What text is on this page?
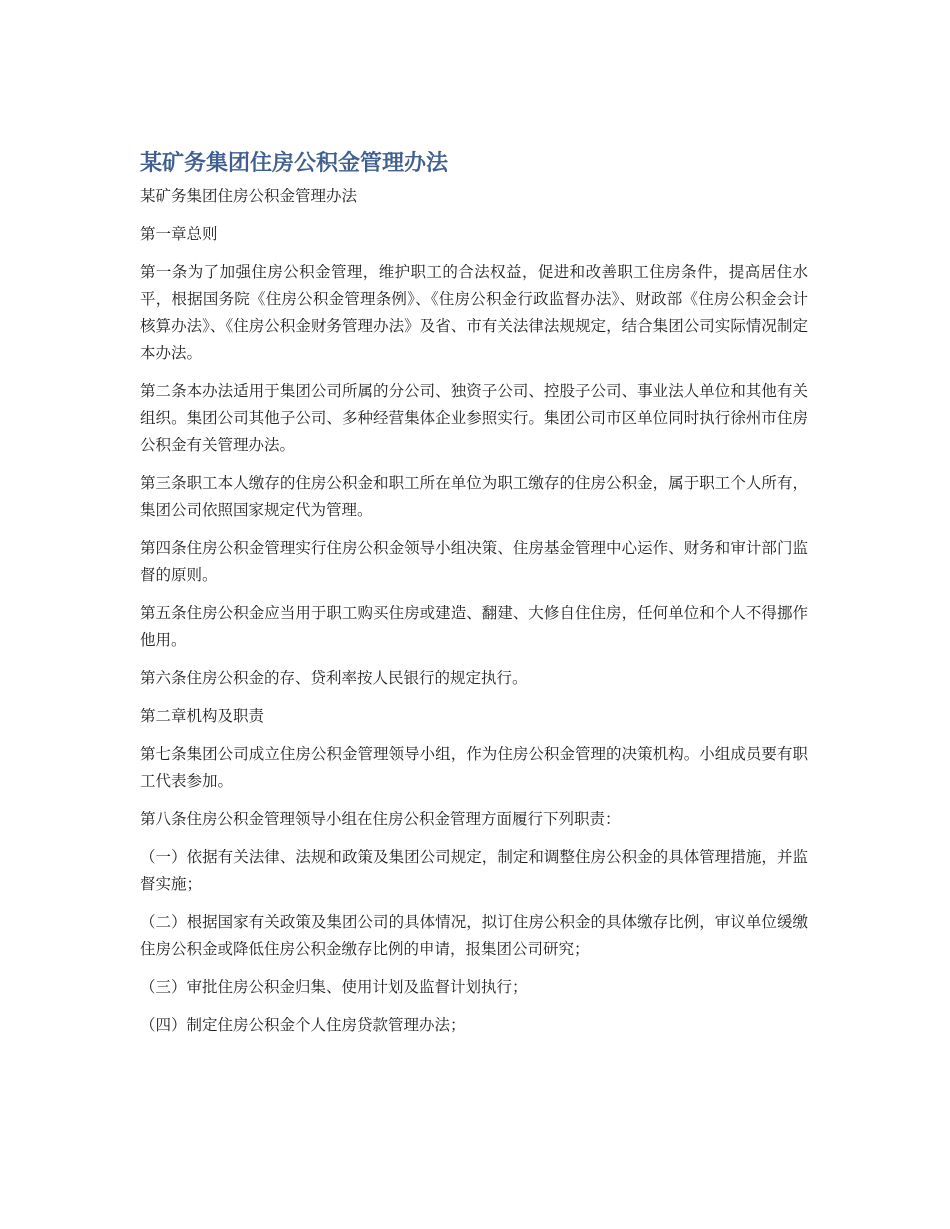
某矿务集团住房公积金管理办法
某矿务集团住房公积金管理办法

第一章总则

第一条为了加强住房公积金管理，维护职工的合法权益，促进和改善职工住房条件，提高居住水平，根据国务院《住房公积金管理条例》、《住房公积金行政监督办法》、财政部《住房公积金会计核算办法》、《住房公积金财务管理办法》及省、市有关法律法规规定，结合集团公司实际情况制定本办法。

第二条本办法适用于集团公司所属的分公司、独资子公司、控股子公司、事业法人单位和其他有关组织。集团公司其他子公司、多种经营集体企业参照实行。集团公司市区单位同时执行徐州市住房公积金有关管理办法。

第三条职工本人缴存的住房公积金和职工所在单位为职工缴存的住房公积金，属于职工个人所有，集团公司依照国家规定代为管理。

第四条住房公积金管理实行住房公积金领导小组决策、住房基金管理中心运作、财务和审计部门监督的原则。

第五条住房公积金应当用于职工购买住房或建造、翻建、大修自住住房，任何单位和个人不得挪作他用。

第六条住房公积金的存、贷利率按人民银行的规定执行。

第二章机构及职责

第七条集团公司成立住房公积金管理领导小组，作为住房公积金管理的决策机构。小组成员要有职工代表参加。

第八条住房公积金管理领导小组在住房公积金管理方面履行下列职责：

（一）依据有关法律、法规和政策及集团公司规定，制定和调整住房公积金的具体管理措施，并监督实施；

（二）根据国家有关政策及集团公司的具体情况，拟订住房公积金的具体缴存比例，审议单位缓缴住房公积金或降低住房公积金缴存比例的申请，报集团公司研究；

（三）审批住房公积金归集、使用计划及监督计划执行；

（四）制定住房公积金个人住房贷款管理办法；
